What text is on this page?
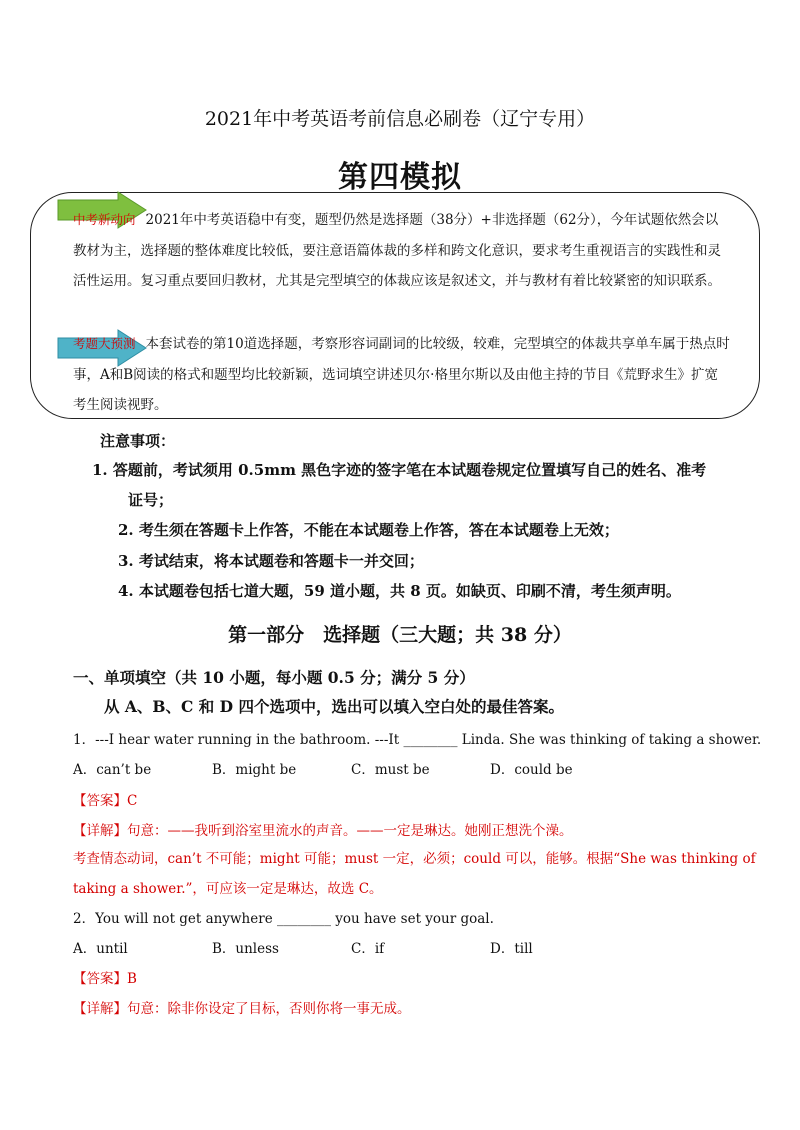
2021年中考英语考前信息必刷卷（辽宁专用）
第四模拟
中考新动向 2021年中考英语稳中有变，题型仍然是选择题（38分）+非选择题（62分），今年试题依然会以教材为主，选择题的整体难度比较低，要注意语篇体裁的多样和跨文化意识，要求考生重视语言的实践性和灵活性运用。复习重点要回归教材，尤其是完型填空的体裁应该是叙述文，并与教材有着比较紧密的知识联系。
考题大预测 本套试卷的第10道选择题，考察形容词副词的比较级，较难，完型填空的体裁共享单车属于热点时事，A和B阅读的格式和题型均比较新颖，选词填空讲述贝尔·格里尔斯以及由他主持的节目《荒野求生》扩宽考生阅读视野。
注意事项：
1. 答题前，考试须用 0.5mm 黑色字迹的签字笔在本试题卷规定位置填写自己的姓名、准考
证号；
2. 考生须在答题卡上作答，不能在本试题卷上作答，答在本试题卷上无效；
3. 考试结束，将本试题卷和答题卡一并交回；
4. 本试题卷包括七道大题，59 道小题，共 8 页。如缺页、印刷不清，考生须声明。
第一部分　选择题（三大题；共 38 分）
一、单项填空（共 10 小题，每小题 0.5 分；满分 5 分）
从 A、B、C 和 D 四个选项中，选出可以填入空白处的最佳答案。
1．---I hear water running in the bathroom. ---It ________ Linda. She was thinking of taking a shower.
A．can’t be	B．might be	C．must be	D．could be
【答案】C
【详解】句意：——我听到浴室里流水的声音。——一定是琳达。她刚正想洗个澡。
考查情态动词，can’t 不可能；might 可能；must 一定，必须；could 可以，能够。根据“She was thinking of
taking a shower.”，可应该一定是琳达，故选 C。
2．You will not get anywhere ________ you have set your goal.
A．until	B．unless	C．if	D．till
【答案】B
【详解】句意：除非你设定了目标，否则你将一事无成。
